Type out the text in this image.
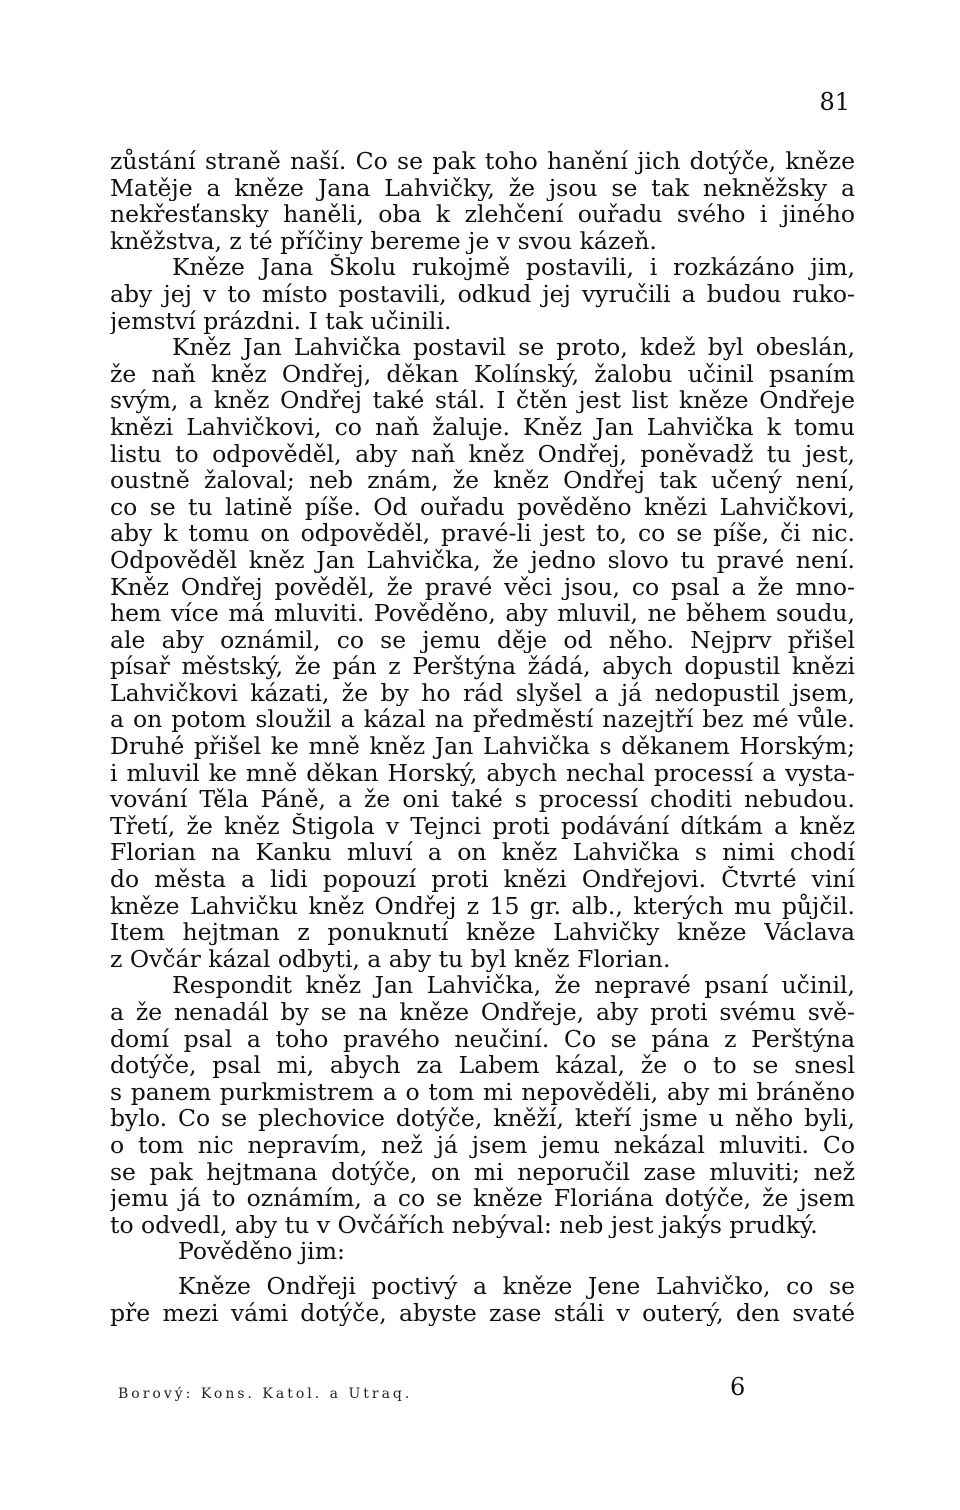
81
zůstání straně naší. Co se pak toho hanění jich dotýče, kněze
Matěje a kněze Jana Lahvičky, že jsou se tak nekněžsky a
nekřesťansky haněli, oba k zlehčení ouřadu svého i jiného
kněžstva, z té příčiny bereme je v svou kázeň.
Kněze Jana Školu rukojmě postavili, i rozkázáno jim,
aby jej v to místo postavili, odkud jej vyručili a budou ruko-
jemství prázdni. I tak učinili.
Kněz Jan Lahvička postavil se proto, kdež byl obeslán,
že naň kněz Ondřej, děkan Kolínský, žalobu učinil psaním
svým, a kněz Ondřej také stál. I čtěn jest list kněze Ondřeje
knězi Lahvičkovi, co naň žaluje. Kněz Jan Lahvička k tomu
listu to odpověděl, aby naň kněz Ondřej, poněvadž tu jest,
oustně žaloval; neb znám, že kněz Ondřej tak učený není,
co se tu latině píše. Od ouřadu pověděno knězi Lahvičkovi,
aby k tomu on odpověděl, pravé-li jest to, co se píše, či nic.
Odpověděl kněz Jan Lahvička, že jedno slovo tu pravé není.
Kněz Ondřej pověděl, že pravé věci jsou, co psal a že mno-
hem více má mluviti. Pověděno, aby mluvil, ne během soudu,
ale aby oznámil, co se jemu děje od něho. Nejprv přišel
písař městský, že pán z Perštýna žádá, abych dopustil knězi
Lahvičkovi kázati, že by ho rád slyšel a já nedopustil jsem,
a on potom sloužil a kázal na předměstí nazejtří bez mé vůle.
Druhé přišel ke mně kněz Jan Lahvička s děkanem Horským;
i mluvil ke mně děkan Horský, abych nechal processí a vysta-
vování Těla Páně, a že oni také s processí choditi nebudou.
Třetí, že kněz Štigola v Tejnci proti podávání dítkám a kněz
Florian na Kanku mluví a on kněz Lahvička s nimi chodí
do města a lidi popouzí proti knězi Ondřejovi. Čtvrté viní
kněze Lahvičku kněz Ondřej z 15 gr. alb., kterých mu půjčil.
Item hejtman z ponuknutí kněze Lahvičky kněze Václava
z Ovčár kázal odbyti, a aby tu byl kněz Florian.
Respondit kněz Jan Lahvička, že nepravé psaní učinil,
a že nenadál by se na kněze Ondřeje, aby proti svému svě-
domí psal a toho pravého neučiní. Co se pána z Perštýna
dotýče, psal mi, abych za Labem kázal, že o to se snesl
s panem purkmistrem a o tom mi nepověděli, aby mi bráněno
bylo. Co se plechovice dotýče, kněží, kteří jsme u něho byli,
o tom nic nepravím, než já jsem jemu nekázal mluviti. Co
se pak hejtmana dotýče, on mi neporučil zase mluviti; než
jemu já to oznámím, a co se kněze Floriána dotýče, že jsem
to odvedl, aby tu v Ovčářích nebýval: neb jest jakýs prudký.
Pověděno jim:
Kněze Ondřeji poctivý a kněze Jene Lahvičko, co se
pře mezi vámi dotýče, abyste zase stáli v outerý, den svaté
Borový: Kons. Katol. a Utraq.	6
